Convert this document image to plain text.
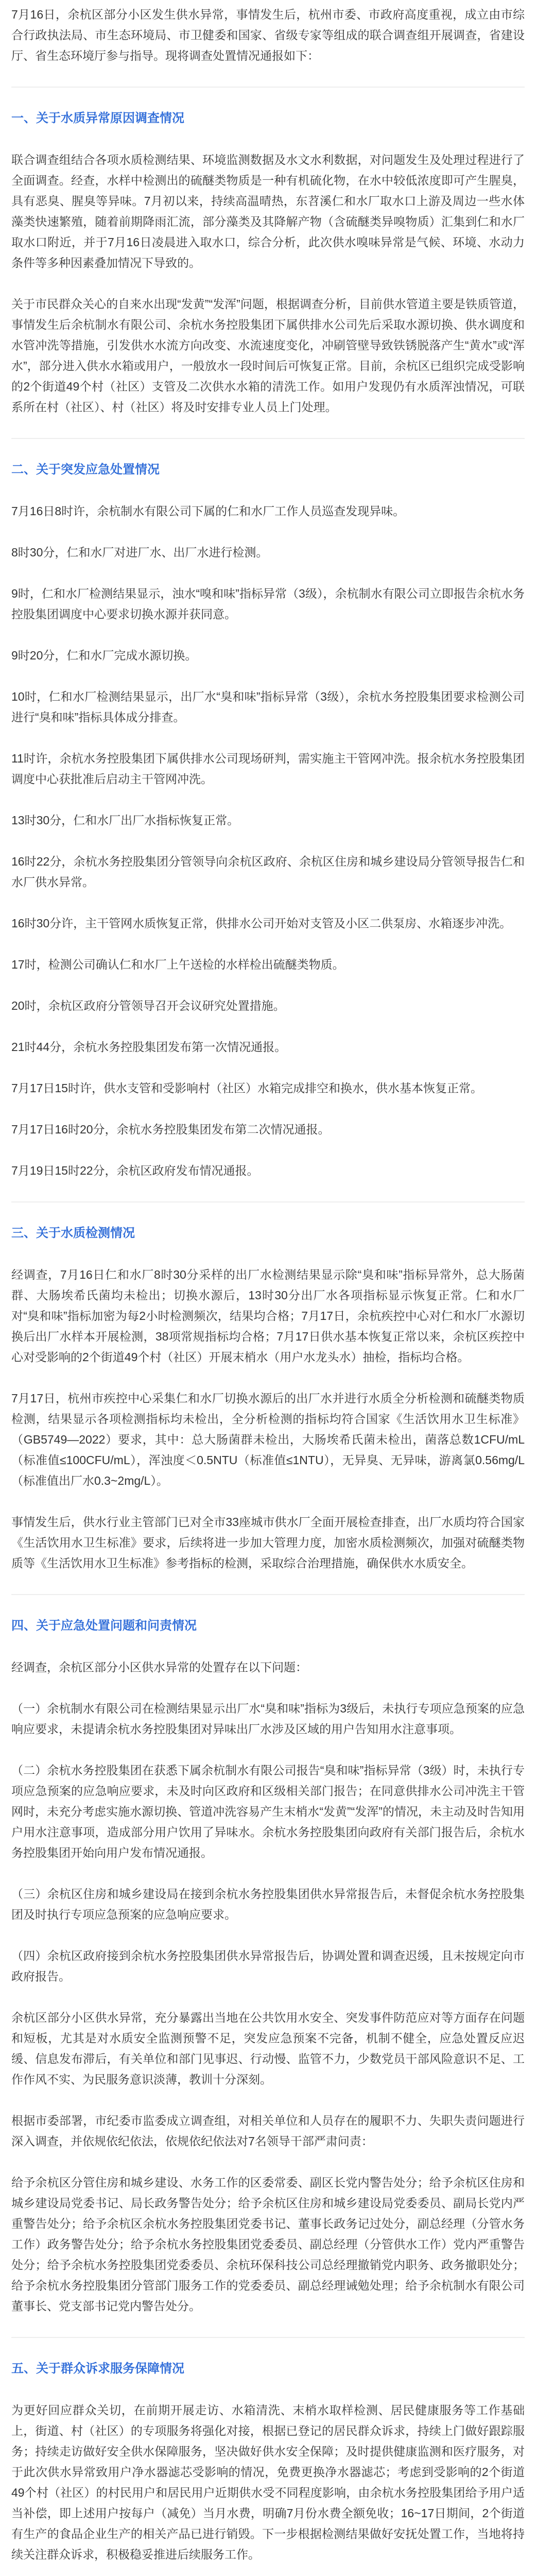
7月16日，余杭区部分小区发生供水异常，事情发生后，杭州市委、市政府高度重视，成立由市综合行政执法局、市生态环境局、市卫健委和国家、省级专家等组成的联合调查组开展调查，省建设厅、省生态环境厅参与指导。现将调查处置情况通报如下：

一、关于水质异常原因调查情况

联合调查组结合各项水质检测结果、环境监测数据及水文水利数据，对问题发生及处理过程进行了全面调查。经查，水样中检测出的硫醚类物质是一种有机硫化物，在水中较低浓度即可产生腥臭，具有恶臭、腥臭等异味。7月初以来，持续高温晴热，东苕溪仁和水厂取水口上游及周边一些水体藻类快速繁殖，随着前期降雨汇流，部分藻类及其降解产物（含硫醚类异嗅物质）汇集到仁和水厂取水口附近，并于7月16日凌晨进入取水口，综合分析，此次供水嗅味异常是气候、环境、水动力条件等多种因素叠加情况下导致的。

关于市民群众关心的自来水出现“发黄”“发浑”问题，根据调查分析，目前供水管道主要是铁质管道，事情发生后余杭制水有限公司、余杭水务控股集团下属供排水公司先后采取水源切换、供水调度和水管冲洗等措施，引发供水水流方向改变、水流速度变化，冲刷管壁导致铁锈脱落产生“黄水”或“浑水”，部分进入供水水箱或用户，一般放水一段时间后可恢复正常。目前，余杭区已组织完成受影响的2个街道49个村（社区）支管及二次供水水箱的清洗工作。如用户发现仍有水质浑浊情况，可联系所在村（社区）、村（社区）将及时安排专业人员上门处理。

二、关于突发应急处置情况

7月16日8时许，余杭制水有限公司下属的仁和水厂工作人员巡查发现异味。

8时30分，仁和水厂对进厂水、出厂水进行检测。

9时，仁和水厂检测结果显示，浊水“嗅和味”指标异常（3级），余杭制水有限公司立即报告余杭水务控股集团调度中心要求切换水源并获同意。

9时20分，仁和水厂完成水源切换。

10时，仁和水厂检测结果显示，出厂水“臭和味”指标异常（3级），余杭水务控股集团要求检测公司进行“臭和味”指标具体成分排查。

11时许，余杭水务控股集团下属供排水公司现场研判，需实施主干管网冲洗。报余杭水务控股集团调度中心获批准后启动主干管网冲洗。

13时30分，仁和水厂出厂水指标恢复正常。

16时22分，余杭水务控股集团分管领导向余杭区政府、余杭区住房和城乡建设局分管领导报告仁和水厂供水异常。

16时30分许，主干管网水质恢复正常，供排水公司开始对支管及小区二供泵房、水箱逐步冲洗。

17时，检测公司确认仁和水厂上午送检的水样检出硫醚类物质。

20时，余杭区政府分管领导召开会议研究处置措施。

21时44分，余杭水务控股集团发布第一次情况通报。

7月17日15时许，供水支管和受影响村（社区）水箱完成排空和换水，供水基本恢复正常。

7月17日16时20分，余杭水务控股集团发布第二次情况通报。

7月19日15时22分，余杭区政府发布情况通报。

三、关于水质检测情况

经调查，7月16日仁和水厂8时30分采样的出厂水检测结果显示除“臭和味”指标异常外，总大肠菌群、大肠埃希氏菌均未检出；切换水源后，13时30分出厂水各项指标显示恢复正常。仁和水厂对“臭和味”指标加密为每2小时检测频次，结果均合格；7月17日，余杭疾控中心对仁和水厂水源切换后出厂水样本开展检测，38项常规指标均合格；7月17日供水基本恢复正常以来，余杭区疾控中心对受影响的2个街道49个村（社区）开展末梢水（用户水龙头水）抽检，指标均合格。

7月17日，杭州市疾控中心采集仁和水厂切换水源后的出厂水并进行水质全分析检测和硫醚类物质检测，结果显示各项检测指标均未检出，全分析检测的指标均符合国家《生活饮用水卫生标准》（GB5749—2022）要求，其中：总大肠菌群未检出，大肠埃希氏菌未检出，菌落总数1CFU/mL（标准值≤100CFU/mL），浑浊度＜0.5NTU（标准值≤1NTU），无异臭、无异味，游离氯0.56mg/L（标准值出厂水0.3~2mg/L）。

事情发生后，供水行业主管部门已对全市33座城市供水厂全面开展检查排查，出厂水质均符合国家《生活饮用水卫生标准》要求，后续将进一步加大管理力度，加密水质检测频次，加强对硫醚类物质等《生活饮用水卫生标准》参考指标的检测，采取综合治理措施，确保供水水质安全。

四、关于应急处置问题和问责情况

经调查，余杭区部分小区供水异常的处置存在以下问题：

（一）余杭制水有限公司在检测结果显示出厂水“臭和味”指标为3级后，未执行专项应急预案的应急响应要求，未提请余杭水务控股集团对异味出厂水涉及区域的用户告知用水注意事项。

（二）余杭水务控股集团在获悉下属余杭制水有限公司报告“臭和味”指标异常（3级）时，未执行专项应急预案的应急响应要求，未及时向区政府和区级相关部门报告；在同意供排水公司冲洗主干管网时，未充分考虑实施水源切换、管道冲洗容易产生末梢水“发黄”“发浑”的情况，未主动及时告知用户用水注意事项，造成部分用户饮用了异味水。余杭水务控股集团向政府有关部门报告后，余杭水务控股集团开始向用户发布情况通报。

（三）余杭区住房和城乡建设局在接到余杭水务控股集团供水异常报告后，未督促余杭水务控股集团及时执行专项应急预案的应急响应要求。

（四）余杭区政府接到余杭水务控股集团供水异常报告后，协调处置和调查迟缓，且未按规定向市政府报告。

余杭区部分小区供水异常，充分暴露出当地在公共饮用水安全、突发事件防范应对等方面存在问题和短板，尤其是对水质安全监测预警不足，突发应急预案不完备，机制不健全，应急处置反应迟缓、信息发布滞后，有关单位和部门见事迟、行动慢、监管不力，少数党员干部风险意识不足、工作作风不实、为民服务意识淡薄，教训十分深刻。

根据市委部署，市纪委市监委成立调查组，对相关单位和人员存在的履职不力、失职失责问题进行深入调查，并依规依纪依法，依规依纪依法对7名领导干部严肃问责：

给予余杭区分管住房和城乡建设、水务工作的区委常委、副区长党内警告处分；给予余杭区住房和城乡建设局党委书记、局长政务警告处分；给予余杭区住房和城乡建设局党委委员、副局长党内严重警告处分；给予余杭区余杭水务控股集团党委书记、董事长政务记过处分，副总经理（分管水务工作）政务警告处分；给予余杭水务控股集团党委委员、副总经理（分管供水工作）党内严重警告处分；给予余杭水务控股集团党委委员、余杭环保科技公司总经理撤销党内职务、政务撤职处分；给予余杭水务控股集团分管部门服务工作的党委委员、副总经理诫勉处理；给予余杭制水有限公司董事长、党支部书记党内警告处分。

五、关于群众诉求服务保障情况

为更好回应群众关切，在前期开展走访、水箱清洗、末梢水取样检测、居民健康服务等工作基础上，街道、村（社区）的专项服务将强化对接，根据已登记的居民群众诉求，持续上门做好跟踪服务；持续走访做好安全供水保障服务，坚决做好供水安全保障；及时提供健康监测和医疗服务，对于此次供水异常致用户净水器滤芯受影响的情况，免费更换净水器滤芯；考虑到受影响的2个街道49个村（社区）的村民用户和居民用户近期供水受不同程度影响，由余杭水务控股集团给予用户适当补偿，即上述用户按每户（减免）当月水费，明确7月份水费全额免收；16~17日期间，2个街道有生产的食品企业生产的相关产品已进行销毁。下一步根据检测结果做好安抚处置工作，当地将持续关注群众诉求，积极稳妥推进后续服务工作。
